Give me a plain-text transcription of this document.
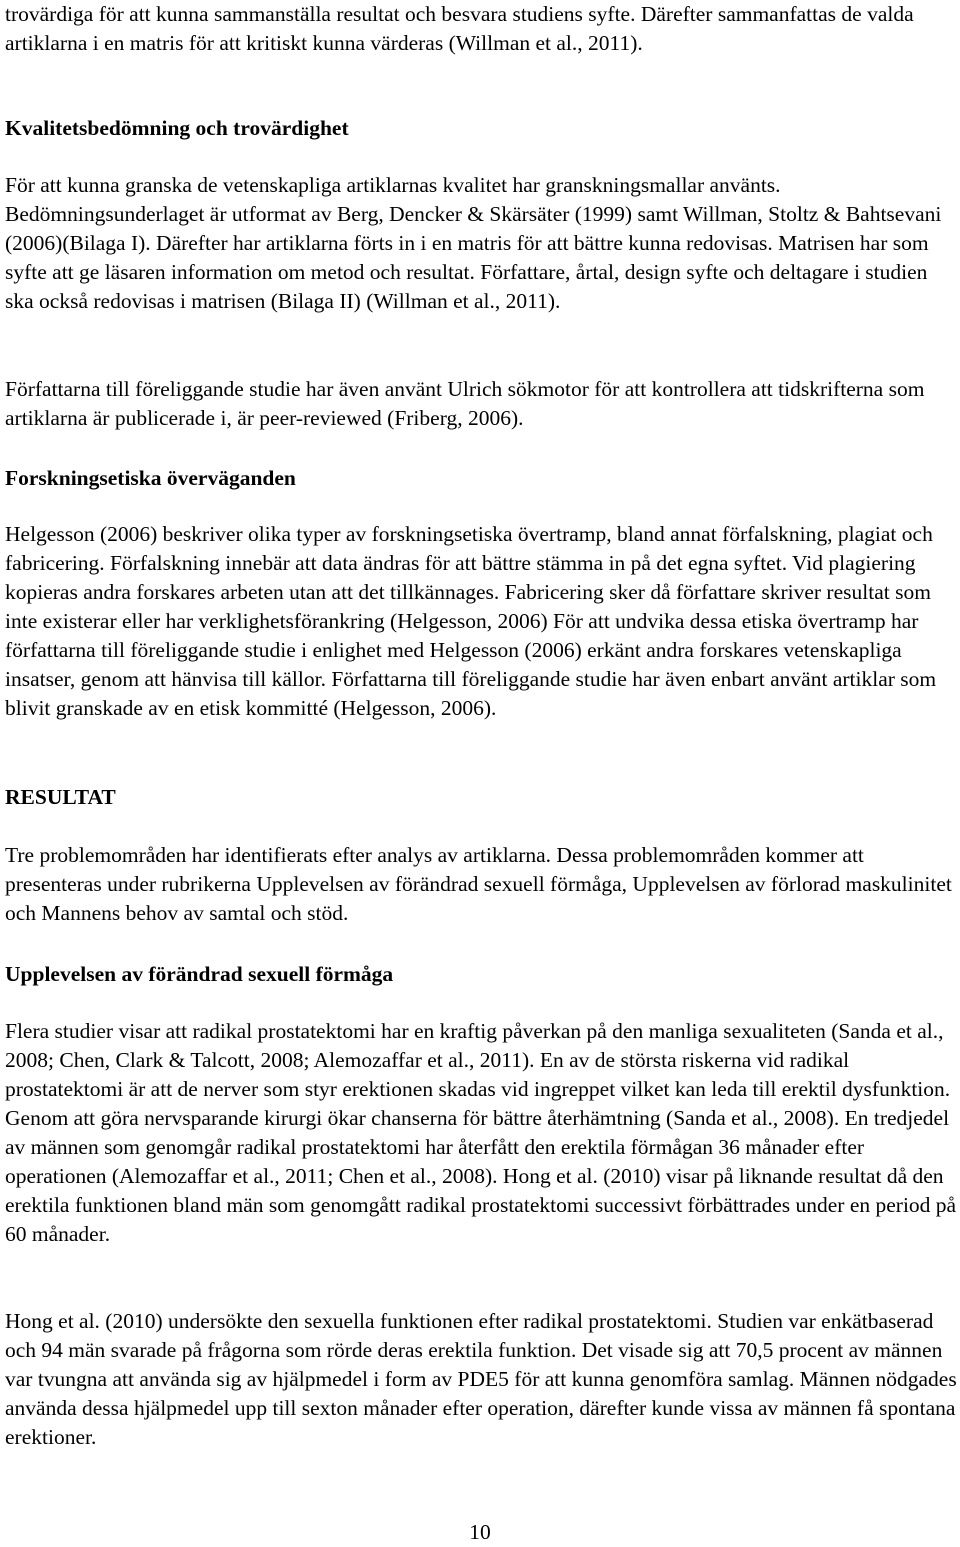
trovärdiga för att kunna sammanställa resultat och besvara studiens syfte. Därefter sammanfattas de valda artiklarna i en matris för att kritiskt kunna värderas (Willman et al., 2011).

Kvalitetsbedömning och trovärdighet

För att kunna granska de vetenskapliga artiklarnas kvalitet har granskningsmallar använts. Bedömningsunderlaget är utformat av Berg, Dencker & Skärsäter (1999) samt Willman, Stoltz & Bahtsevani (2006)(Bilaga I). Därefter har artiklarna förts in i en matris för att bättre kunna redovisas. Matrisen har som syfte att ge läsaren information om metod och resultat. Författare, årtal, design syfte och deltagare i studien ska också redovisas i matrisen (Bilaga II) (Willman et al., 2011).

Författarna till föreliggande studie har även använt Ulrich sökmotor för att kontrollera att tidskrifterna som artiklarna är publicerade i, är peer-reviewed (Friberg, 2006).

Forskningsetiska överväganden

Helgesson (2006) beskriver olika typer av forskningsetiska övertramp, bland annat förfalskning, plagiat och fabricering. Förfalskning innebär att data ändras för att bättre stämma in på det egna syftet. Vid plagiering kopieras andra forskares arbeten utan att det tillkännages. Fabricering sker då författare skriver resultat som inte existerar eller har verklighetsförankring (Helgesson, 2006) För att undvika dessa etiska övertramp har författarna till föreliggande studie i enlighet med Helgesson (2006) erkänt andra forskares vetenskapliga insatser, genom att hänvisa till källor. Författarna till föreliggande studie har även enbart använt artiklar som blivit granskade av en etisk kommitté (Helgesson, 2006).

RESULTAT

Tre problemområden har identifierats efter analys av artiklarna. Dessa problemområden kommer att presenteras under rubrikerna Upplevelsen av förändrad sexuell förmåga, Upplevelsen av förlorad maskulinitet och Mannens behov av samtal och stöd.

Upplevelsen av förändrad sexuell förmåga

Flera studier visar att radikal prostatektomi har en kraftig påverkan på den manliga sexualiteten (Sanda et al., 2008; Chen, Clark & Talcott, 2008; Alemozaffar et al., 2011). En av de största riskerna vid radikal prostatektomi är att de nerver som styr erektionen skadas vid ingreppet vilket kan leda till erektil dysfunktion. Genom att göra nervsparande kirurgi ökar chanserna för bättre återhämtning (Sanda et al., 2008). En tredjedel av männen som genomgår radikal prostatektomi har återfått den erektila förmågan 36 månader efter operationen (Alemozaffar et al., 2011; Chen et al., 2008). Hong et al. (2010) visar på liknande resultat då den erektila funktionen bland män som genomgått radikal prostatektomi successivt förbättrades under en period på 60 månader.

Hong et al. (2010) undersökte den sexuella funktionen efter radikal prostatektomi. Studien var enkätbaserad och 94 män svarade på frågorna som rörde deras erektila funktion. Det visade sig att 70,5 procent av männen var tvungna att använda sig av hjälpmedel i form av PDE5 för att kunna genomföra samlag. Männen nödgades använda dessa hjälpmedel upp till sexton månader efter operation, därefter kunde vissa av männen få spontana erektioner.

10
